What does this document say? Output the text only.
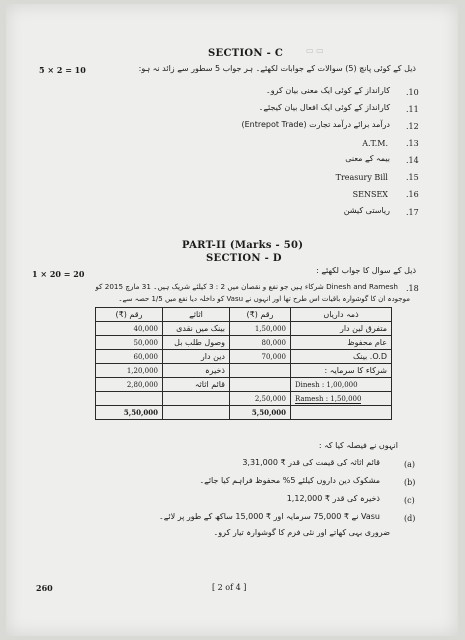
▭ ▭
SECTION - C
5 × 2 = 10	ذیل کے کوئی پانچ (5) سوالات کے جوابات لکھئے۔ ہر جواب 5 سطور سے زائد نہ ہو:
.10
کارانداز کے کوئی ایک معنی بیان کرو۔
.11
کارانداز کے کوئی ایک افعال بیان کیجئے۔
.12
درآمد برائے درآمد تجارت (Entrepot Trade)
.13
A.T.M.
.14
بیمہ کے معنی
.15
Treasury Bill
.16
SENSEX
.17
ریاستی کیشن
PART-II (Marks - 50)
SECTION - D
1 × 20 = 20	ذیل کے سوال کا جواب لکھئے :
.18
Dinesh and Ramesh شرکاء ہیں جو نفع و نقصان میں 2 : 3 کیلئے شریک ہیں۔ 31 مارچ 2015 کو
موجودہ ان کا گوشوارہ باقیات اس طرح تھا اور انہوں نے Vasu کو داخلہ دیا نفع میں 1/5 حصہ سے۔
رقم (₹)	اثاثے	رقم (₹)	ذمہ داریاں
40,000	بینک میں نقدی	1,50,000	متفرق لین دار
50,000	وصول طلب بل	80,000	عام محفوظ
60,000	دین دار	70,000	O.D. بینک
1,20,000	ذخیرہ		شرکاء کا سرمایہ :
2,80,000	قائم اثاثہ		Dinesh : 1,00,000
		2,50,000	Ramesh : 1,50,000
5,50,000		5,50,000	
انہوں نے فیصلہ کیا کہ :
(a)
قائم اثاثہ کی قیمت کی قدر ₹ 3,31,000
(b)
مشکوک دین داروں کیلئے 5% محفوظ فراہم کیا جائے۔
(c)
ذخیرہ کی قدر ₹ 1,12,000
(d)
Vasu نے ₹ 75,000 سرمایہ اور ₹ 15,000 ساکھ کے طور پر لائے۔
ضروری بہی کھاتے اور نئی فرم کا گوشوارہ تیار کرو۔
260	[ 2 of 4 ]
